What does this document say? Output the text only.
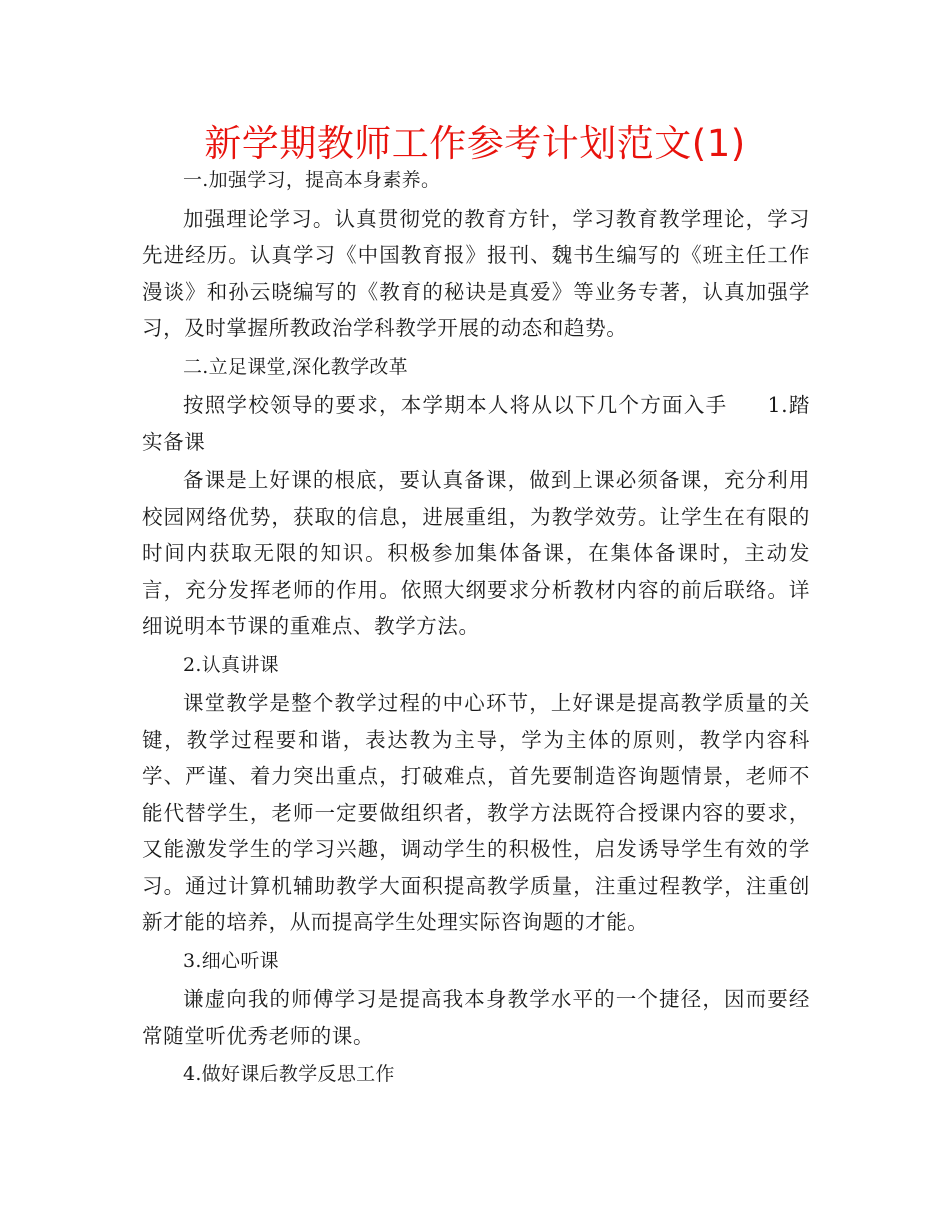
新学期教师工作参考计划范文(1)

一.加强学习，提高本身素养。

加强理论学习。认真贯彻党的教育方针，学习教育教学理论，学习先进经历。认真学习《中国教育报》报刊、魏书生编写的《班主任工作漫谈》和孙云晓编写的《教育的秘诀是真爱》等业务专著，认真加强学习，及时掌握所教政治学科教学开展的动态和趋势。

二.立足课堂,深化教学改革

按照学校领导的要求，本学期本人将从以下几个方面入手 1.踏实备课

备课是上好课的根底，要认真备课，做到上课必须备课，充分利用校园网络优势，获取的信息，进展重组，为教学效劳。让学生在有限的时间内获取无限的知识。积极参加集体备课，在集体备课时，主动发言，充分发挥老师的作用。依照大纲要求分析教材内容的前后联络。详细说明本节课的重难点、教学方法。

2.认真讲课

课堂教学是整个教学过程的中心环节，上好课是提高教学质量的关键，教学过程要和谐，表达教为主导，学为主体的原则，教学内容科学、严谨、着力突出重点，打破难点，首先要制造咨询题情景，老师不能代替学生，老师一定要做组织者，教学方法既符合授课内容的要求，又能激发学生的学习兴趣，调动学生的积极性，启发诱导学生有效的学习。通过计算机辅助教学大面积提高教学质量，注重过程教学，注重创新才能的培养，从而提高学生处理实际咨询题的才能。

3.细心听课

谦虚向我的师傅学习是提高我本身教学水平的一个捷径，因而要经常随堂听优秀老师的课。

4.做好课后教学反思工作
